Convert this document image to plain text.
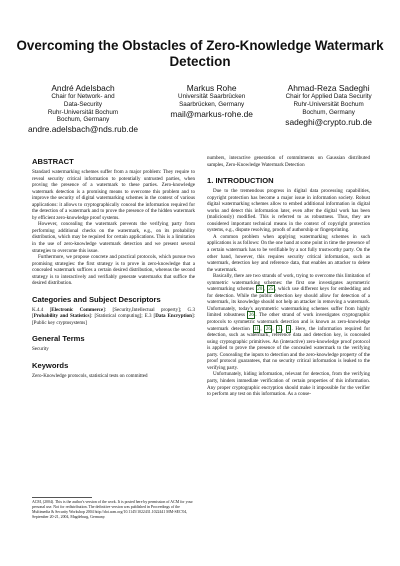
Overcoming the Obstacles of Zero-Knowledge Watermark
Detection
André Adelsbach
Chair for Network- and
Data-Security
Ruhr-Universität Bochum
Bochum, Germany
andre.adelsbach@nds.rub.de
Markus Rohe
Universität Saarbrücken
Saarbrücken, Germany
mail@markus-rohe.de
Ahmad-Reza Sadeghi
Chair for Applied Data Security
Ruhr-Universität Bochum
Bochum, Germany
sadeghi@crypto.rub.de
ABSTRACT

Standard watermarking schemes suffer from a major problem: They require to reveal security critical information to potentially untrusted parties, when proving the presence of a watermark to these parties. Zero-knowledge watermark detection is a promising means to overcome this problem and to improve the security of digital watermarking schemes in the context of various applications: it allows to cryptographically conceal the information required for the detection of a watermark and to prove the presence of the hidden watermark by efficient zero-knowledge proof systems.

However, concealing the watermark prevents the verifying party from performing additional checks on the watermark, e.g., on its probability distribution, which may be required for certain applications. This is a limitation in the use of zero-knowledge watermark detection and we present several strategies to overcome this issue.

Furthermore, we propose concrete and practical protocols, which pursue two promising strategies: the first strategy is to prove in zero-knowledge that a concealed watermark suffices a certain desired distribution, whereas the second strategy is to interactively and verifiably generate watermarks that suffice the desired distribution.

Categories and Subject Descriptors

K.4.4 [Electronic Commerce]: [Security,Intellectual property]; G.3 [Probability and Statistics]: [Statistical computing]; E.3 [Data Encryption]: [Public key cryptosystems]

General Terms

Security

Keywords

Zero-Knowledge protocols, statistical tests on committed

ACM, (2004). This is the author's version of the work. It is posted here by permission of ACM for your personal use. Not for redistribution. The definitive version was published in Proceedings of the Multimedia & Security Workshop 2004 http://doi.acm.org/10.1145/1022431.1022441 MM-SEC'04, September 20-21, 2004, Magdeburg, Germany.

numbers, interactive generation of commitments on Gaussian distributed samples, Zero-Knowledge Watermark Detection

1. INTRODUCTION

Due to the tremendous progress in digital data processing capabilities, copyright protection has become a major issue in information society. Robust digital watermarking schemes allow to embed additional information in digital works and detect this information later, even after the digital work has been (maliciously) modified. This is referred to as robustness. Thus, they are considered important technical means in the context of copyright protection systems, e.g., dispute resolving, proofs of authorship or fingerprinting.

A common problem when applying watermarking schemes in such applications is as follows: On the one hand at some point in time the presence of a certain watermark has to be verifiable by a not fully trustworthy party. On the other hand, however, this requires security critical information, such as watermark, detection key and reference data, that enables an attacker to delete the watermark.

Basically, there are two strands of work, trying to overcome this limitation of symmetric watermarking schemes: the first one investigates asymmetric watermarking schemes 20 , 25 , which use different keys for embedding and for detection. While the public detection key should allow for detection of a watermark, its knowledge should not help an attacker in removing a watermark. Unfortunately, today's asymmetric watermarking schemes suffer from highly limited robustness 26 . The other strand of work investigates cryptographic protocols to symmetric watermark detection and is known as zero-knowledge watermark detection 11 , 26 , 3 , 1 . Here, the information required for detection, such as watermark, reference data and detection key, is concealed using cryptographic primitives. An (interactive) zero-knowledge proof protocol is applied to prove the presence of the concealed watermark to the verifying party. Concealing the inputs to detection and the zero-knowledge property of the proof protocol guarantees, that no security critical information is leaked to the verifying party.

Unfortunately, hiding information, relevant for detection, from the verifying party, hinders immediate verification of certain properties of this information. Any proper cryptographic encryption should make it impossible for the verifier to perform any test on this information. As a conse-
